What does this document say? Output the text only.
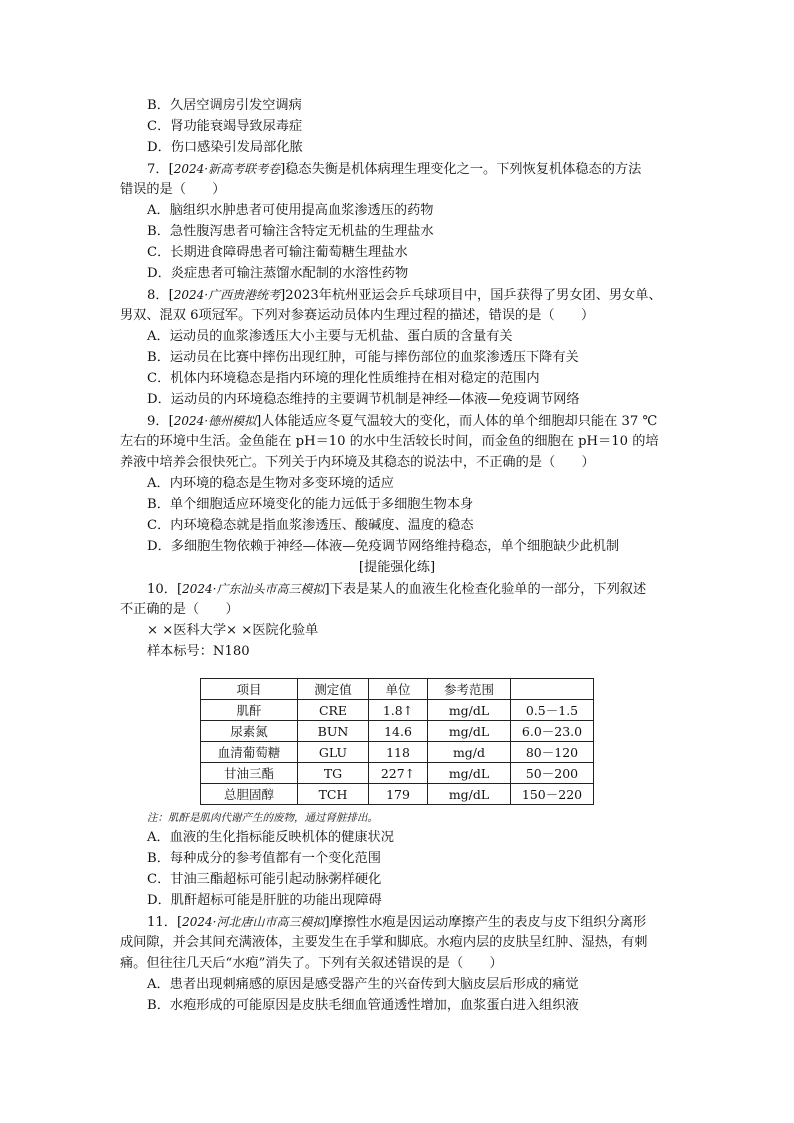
B．久居空调房引发空调病
C．肾功能衰竭导致尿毒症
D．伤口感染引发局部化脓
7．[2024·新高考联考卷]稳态失衡是机体病理生理变化之一。下列恢复机体稳态的方法
错误的是（　　）
A．脑组织水肿患者可使用提高血浆渗透压的药物
B．急性腹泻患者可输注含特定无机盐的生理盐水
C．长期进食障碍患者可输注葡萄糖生理盐水
D．炎症患者可输注蒸馏水配制的水溶性药物
8．[2024·广西贵港统考]2023年杭州亚运会乒乓球项目中，国乒获得了男女团、男女单、
男双、混双 6项冠军。下列对参赛运动员体内生理过程的描述，错误的是（　　）
A．运动员的血浆渗透压大小主要与无机盐、蛋白质的含量有关
B．运动员在比赛中摔伤出现红肿，可能与摔伤部位的血浆渗透压下降有关
C．机体内环境稳态是指内环境的理化性质维持在相对稳定的范围内
D．运动员的内环境稳态维持的主要调节机制是神经—体液—免疫调节网络
9．[2024·德州模拟]人体能适应冬夏气温较大的变化，而人体的单个细胞却只能在 37 ℃
左右的环境中生活。金鱼能在 pH＝10 的水中生活较长时间，而金鱼的细胞在 pH＝10 的培
养液中培养会很快死亡。下列关于内环境及其稳态的说法中，不正确的是（　　）
A．内环境的稳态是生物对多变环境的适应
B．单个细胞适应环境变化的能力远低于多细胞生物本身
C．内环境稳态就是指血浆渗透压、酸碱度、温度的稳态
D．多细胞生物依赖于神经—体液—免疫调节网络维持稳态，单个细胞缺少此机制
[提能强化练]
10．[2024·广东汕头市高三模拟]下表是某人的血液生化检查化验单的一部分，下列叙述
不正确的是（　　）
× ×医科大学× ×医院化验单
样本标号：N180
项目	测定值	单位	参考范围	
肌酐	CRE	1.8↑	mg/dL	0.5－1.5
尿素氮	BUN	14.6	mg/dL	6.0－23.0
血清葡萄糖	GLU	118	mg/d	80－120
甘油三酯	TG	227↑	mg/dL	50－200
总胆固醇	TCH	179	mg/dL	150－220
注：肌酐是肌肉代谢产生的废物，通过肾脏排出。
A．血液的生化指标能反映机体的健康状况
B．每种成分的参考值都有一个变化范围
C．甘油三酯超标可能引起动脉粥样硬化
D．肌酐超标可能是肝脏的功能出现障碍
11．[2024·河北唐山市高三模拟]摩擦性水疱是因运动摩擦产生的表皮与皮下组织分离形
成间隙，并会其间充满液体，主要发生在手掌和脚底。水疱内层的皮肤呈红肿、湿热，有刺
痛。但往往几天后“水疱”消失了。下列有关叙述错误的是（　　）
A．患者出现刺痛感的原因是感受器产生的兴奋传到大脑皮层后形成的痛觉
B．水疱形成的可能原因是皮肤毛细血管通透性增加，血浆蛋白进入组织液
